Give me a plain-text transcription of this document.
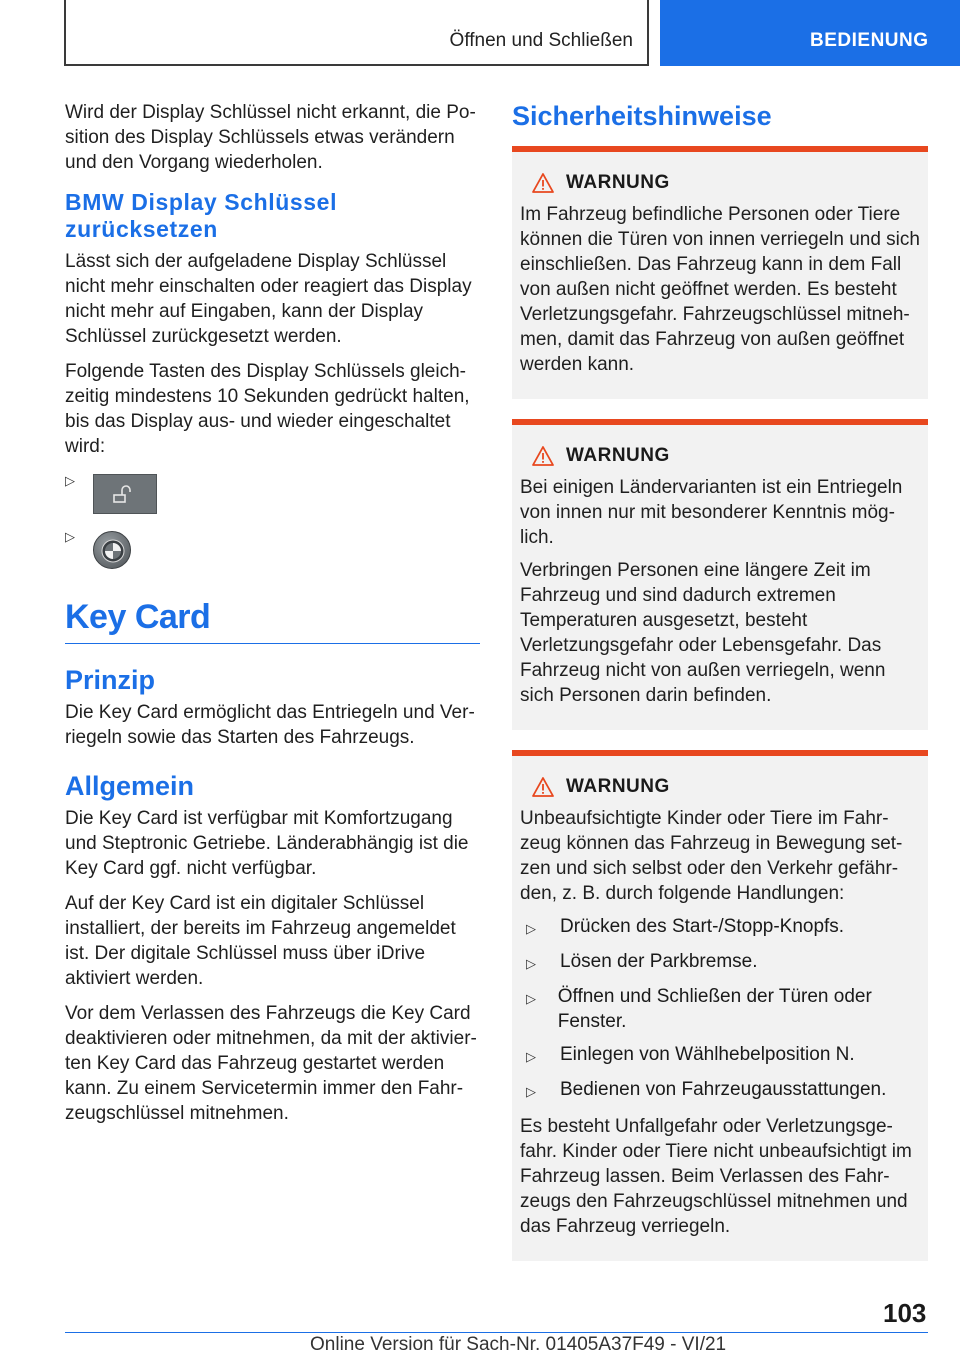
Öffnen und Schließen	BEDIENUNG

Wird der Display Schlüssel nicht erkannt, die Position des Display Schlüssels etwas verändern und den Vorgang wiederholen.

BMW Display Schlüssel
zurücksetzen

Lässt sich der aufgeladene Display Schlüssel nicht mehr einschalten oder reagiert das Display nicht mehr auf Eingaben, kann der Display Schlüssel zurückgesetzt werden.

Folgende Tasten des Display Schlüssels gleichzeitig mindestens 10 Sekunden gedrückt halten, bis das Display aus- und wieder eingeschaltet wird:

▷
▷
Key Card
Prinzip

Die Key Card ermöglicht das Entriegeln und Verriegeln sowie das Starten des Fahrzeugs.

Allgemein

Die Key Card ist verfügbar mit Komfortzugang und Steptronic Getriebe. Länderabhängig ist die Key Card ggf. nicht verfügbar.

Auf der Key Card ist ein digitaler Schlüssel installiert, der bereits im Fahrzeug angemeldet ist. Der digitale Schlüssel muss über iDrive aktiviert werden.

Vor dem Verlassen des Fahrzeugs die Key Card deaktivieren oder mitnehmen, da mit der aktivierten Key Card das Fahrzeug gestartet werden kann. Zu einem Servicetermin immer den Fahrzeugschlüssel mitnehmen.

Sicherheitshinweise
WARNUNG

Im Fahrzeug befindliche Personen oder Tiere können die Türen von innen verriegeln und sich einschließen. Das Fahrzeug kann in dem Fall von außen nicht geöffnet werden. Es besteht Verletzungsgefahr. Fahrzeugschlüssel mitnehmen, damit das Fahrzeug von außen geöffnet werden kann.

WARNUNG

Bei einigen Ländervarianten ist ein Entriegeln von innen nur mit besonderer Kenntnis möglich.

Verbringen Personen eine längere Zeit im Fahrzeug und sind dadurch extremen Temperaturen ausgesetzt, besteht Verletzungsgefahr oder Lebensgefahr. Das Fahrzeug nicht von außen verriegeln, wenn sich Personen darin befinden.

WARNUNG

Unbeaufsichtigte Kinder oder Tiere im Fahrzeug können das Fahrzeug in Bewegung setzen und sich selbst oder den Verkehr gefährden, z. B. durch folgende Handlungen:

▷	Drücken des Start-/Stopp-Knopfs.
▷	Lösen der Parkbremse.
▷	Öffnen und Schließen der Türen oder Fenster.
▷	Einlegen von Wählhebelposition N.
▷	Bedienen von Fahrzeugausstattungen.

Es besteht Unfallgefahr oder Verletzungsgefahr. Kinder oder Tiere nicht unbeaufsichtigt im Fahrzeug lassen. Beim Verlassen des Fahrzeugs den Fahrzeugschlüssel mitnehmen und das Fahrzeug verriegeln.

103
Online Version für Sach-Nr. 01405A37F49 - VI/21
